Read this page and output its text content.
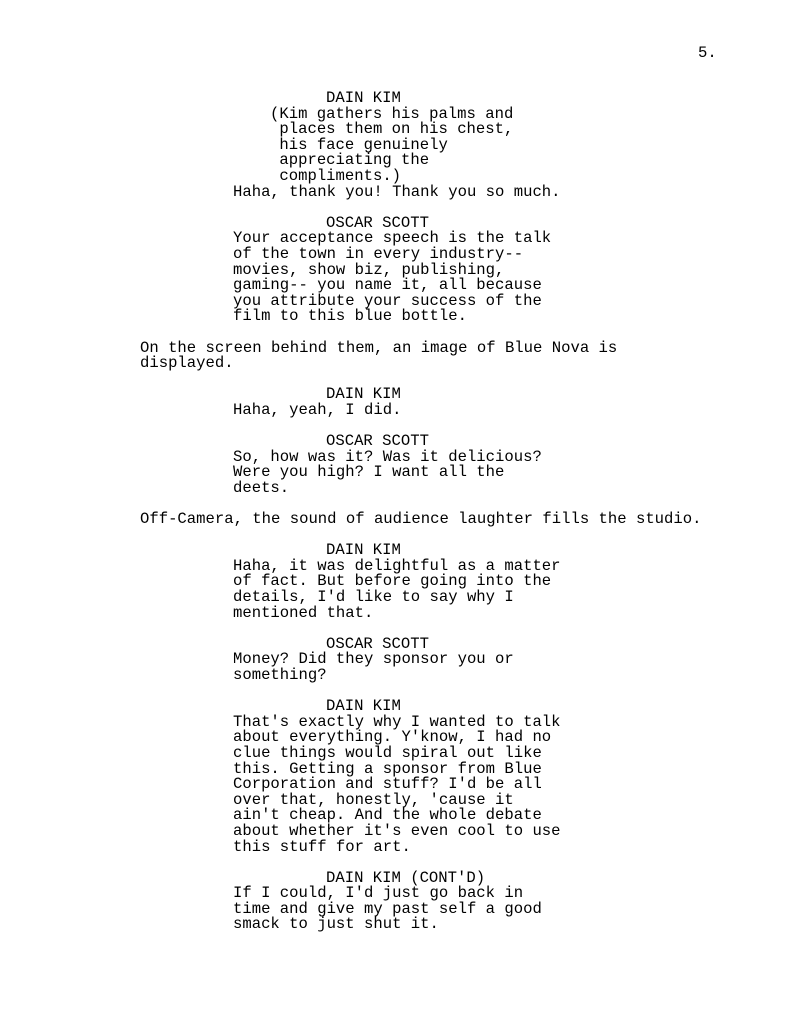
5.
DAIN KIM
(Kim gathers his palms and
places them on his chest,
his face genuinely
appreciating the
compliments.)
Haha, thank you! Thank you so much.
OSCAR SCOTT
Your acceptance speech is the talk
of the town in every industry--
movies, show biz, publishing,
gaming-- you name it, all because
you attribute your success of the
film to this blue bottle.
On the screen behind them, an image of Blue Nova is
displayed.
DAIN KIM
Haha, yeah, I did.
OSCAR SCOTT
So, how was it? Was it delicious?
Were you high? I want all the
deets.
Off-Camera, the sound of audience laughter fills the studio.
DAIN KIM
Haha, it was delightful as a matter
of fact. But before going into the
details, I'd like to say why I
mentioned that.
OSCAR SCOTT
Money? Did they sponsor you or
something?
DAIN KIM
That's exactly why I wanted to talk
about everything. Y'know, I had no
clue things would spiral out like
this. Getting a sponsor from Blue
Corporation and stuff? I'd be all
over that, honestly, 'cause it
ain't cheap. And the whole debate
about whether it's even cool to use
this stuff for art.
DAIN KIM (CONT'D)
If I could, I'd just go back in
time and give my past self a good
smack to just shut it.
